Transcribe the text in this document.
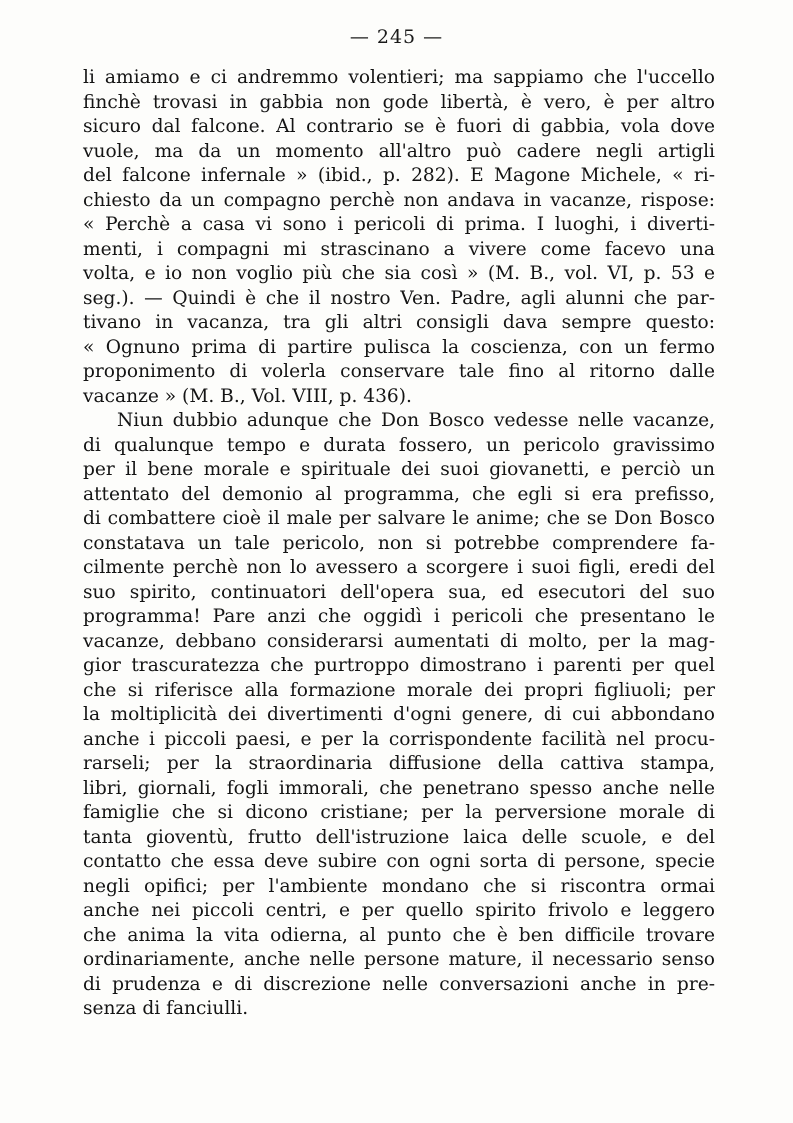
— 245 —
li amiamo e ci andremmo volentieri; ma sappiamo che l'uccello
finchè trovasi in gabbia non gode libertà, è vero, è per altro
sicuro dal falcone. Al contrario se è fuori di gabbia, vola dove
vuole, ma da un momento all'altro può cadere negli artigli
del falcone infernale » (ibid., p. 282). E Magone Michele, « ri-
chiesto da un compagno perchè non andava in vacanze, rispose:
« Perchè a casa vi sono i pericoli di prima. I luoghi, i diverti-
menti, i compagni mi strascinano a vivere come facevo una
volta, e io non voglio più che sia così » (M. B., vol. VI, p. 53 e
seg.). — Quindi è che il nostro Ven. Padre, agli alunni che par-
tivano in vacanza, tra gli altri consigli dava sempre questo:
« Ognuno prima di partire pulisca la coscienza, con un fermo
proponimento di volerla conservare tale fino al ritorno dalle
vacanze » (M. B., Vol. VIII, p. 436).
Niun dubbio adunque che Don Bosco vedesse nelle vacanze,
di qualunque tempo e durata fossero, un pericolo gravissimo
per il bene morale e spirituale dei suoi giovanetti, e perciò un
attentato del demonio al programma, che egli si era prefisso,
di combattere cioè il male per salvare le anime; che se Don Bosco
constatava un tale pericolo, non si potrebbe comprendere fa-
cilmente perchè non lo avessero a scorgere i suoi figli, eredi del
suo spirito, continuatori dell'opera sua, ed esecutori del suo
programma! Pare anzi che oggidì i pericoli che presentano le
vacanze, debbano considerarsi aumentati di molto, per la mag-
gior trascuratezza che purtroppo dimostrano i parenti per quel
che si riferisce alla formazione morale dei propri figliuoli; per
la moltiplicità dei divertimenti d'ogni genere, di cui abbondano
anche i piccoli paesi, e per la corrispondente facilità nel procu-
rarseli; per la straordinaria diffusione della cattiva stampa,
libri, giornali, fogli immorali, che penetrano spesso anche nelle
famiglie che si dicono cristiane; per la perversione morale di
tanta gioventù, frutto dell'istruzione laica delle scuole, e del
contatto che essa deve subire con ogni sorta di persone, specie
negli opifici; per l'ambiente mondano che si riscontra ormai
anche nei piccoli centri, e per quello spirito frivolo e leggero
che anima la vita odierna, al punto che è ben difficile trovare
ordinariamente, anche nelle persone mature, il necessario senso
di prudenza e di discrezione nelle conversazioni anche in pre-
senza di fanciulli.
